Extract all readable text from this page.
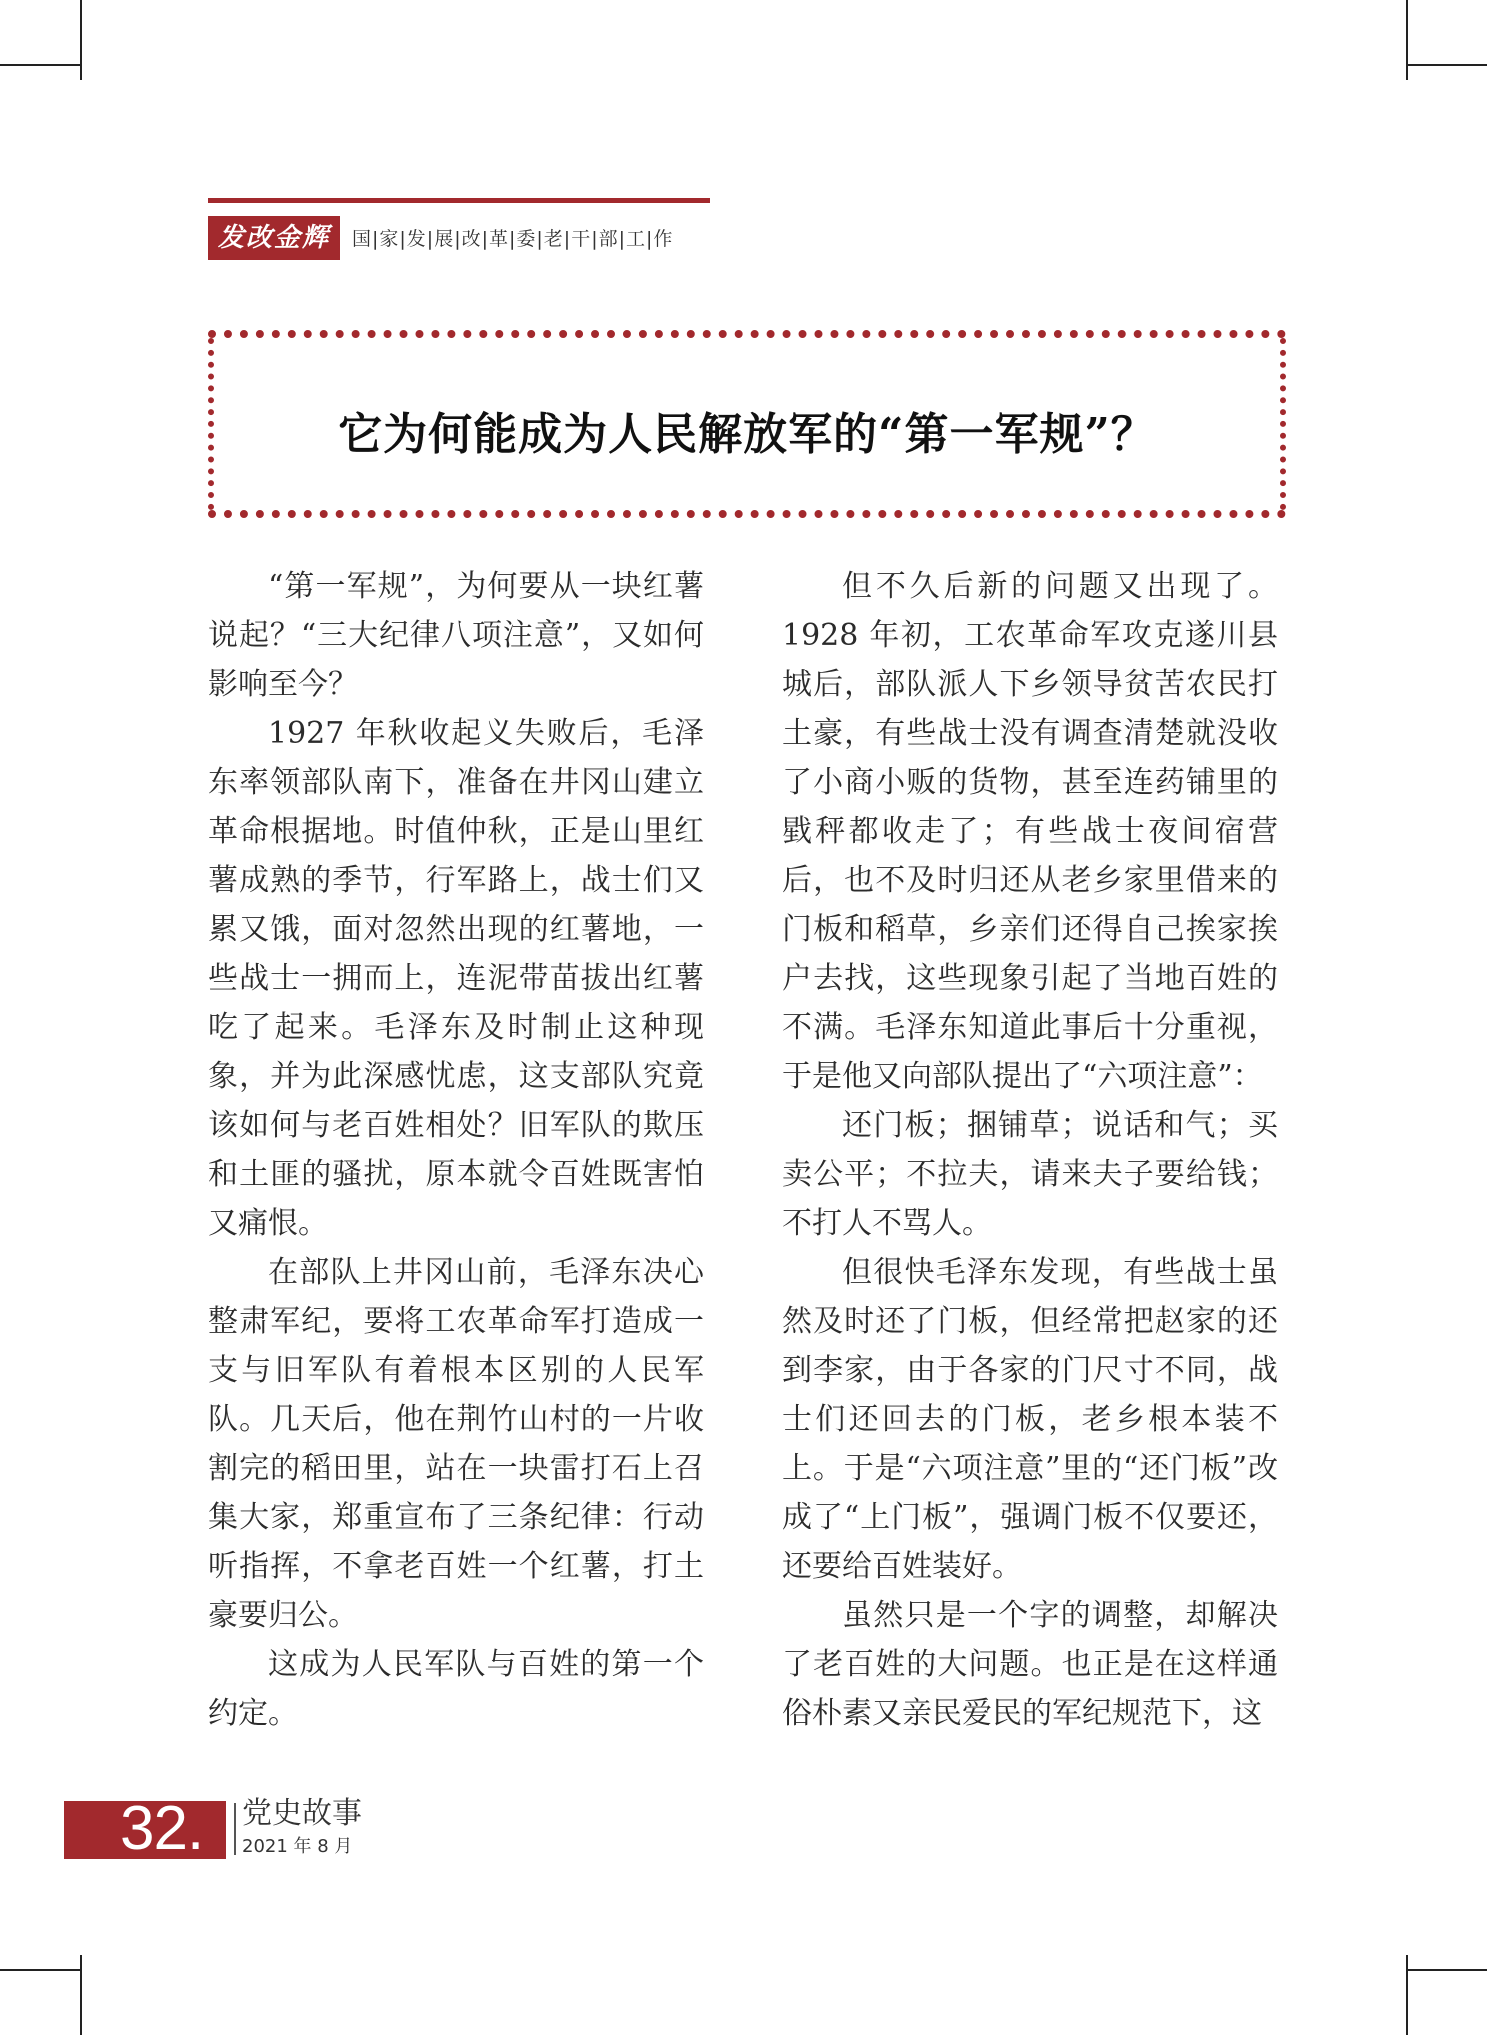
发改金辉	国|家|发|展|改|革|委|老|干|部|工|作
它为何能成为人民解放军的“第一军规”？

“第一军规”，为何要从一块红薯说起？“三大纪律八项注意”，又如何影响至今？

1927 年秋收起义失败后，毛泽东率领部队南下，准备在井冈山建立革命根据地。时值仲秋，正是山里红薯成熟的季节，行军路上，战士们又累又饿，面对忽然出现的红薯地，一些战士一拥而上，连泥带苗拔出红薯吃了起来。毛泽东及时制止这种现象，并为此深感忧虑，这支部队究竟该如何与老百姓相处？旧军队的欺压和土匪的骚扰，原本就令百姓既害怕又痛恨。

在部队上井冈山前，毛泽东决心整肃军纪，要将工农革命军打造成一支与旧军队有着根本区别的人民军队。几天后，他在荆竹山村的一片收割完的稻田里，站在一块雷打石上召集大家，郑重宣布了三条纪律：行动听指挥，不拿老百姓一个红薯，打土豪要归公。

这成为人民军队与百姓的第一个约定。

但不久后新的问题又出现了。1928 年初，工农革命军攻克遂川县城后，部队派人下乡领导贫苦农民打土豪，有些战士没有调查清楚就没收了小商小贩的货物，甚至连药铺里的戥秤都收走了；有些战士夜间宿营后，也不及时归还从老乡家里借来的门板和稻草，乡亲们还得自己挨家挨户去找，这些现象引起了当地百姓的不满。毛泽东知道此事后十分重视，于是他又向部队提出了“六项注意”：

还门板；捆铺草；说话和气；买卖公平；不拉夫，请来夫子要给钱；不打人不骂人。

但很快毛泽东发现，有些战士虽然及时还了门板，但经常把赵家的还到李家，由于各家的门尺寸不同，战士们还回去的门板，老乡根本装不上。于是“六项注意”里的“还门板”改成了“上门板”，强调门板不仅要还，还要给百姓装好。

虽然只是一个字的调整，却解决了老百姓的大问题。也正是在这样通俗朴素又亲民爱民的军纪规范下，这

32. 党史故事
2021 年 8 月
